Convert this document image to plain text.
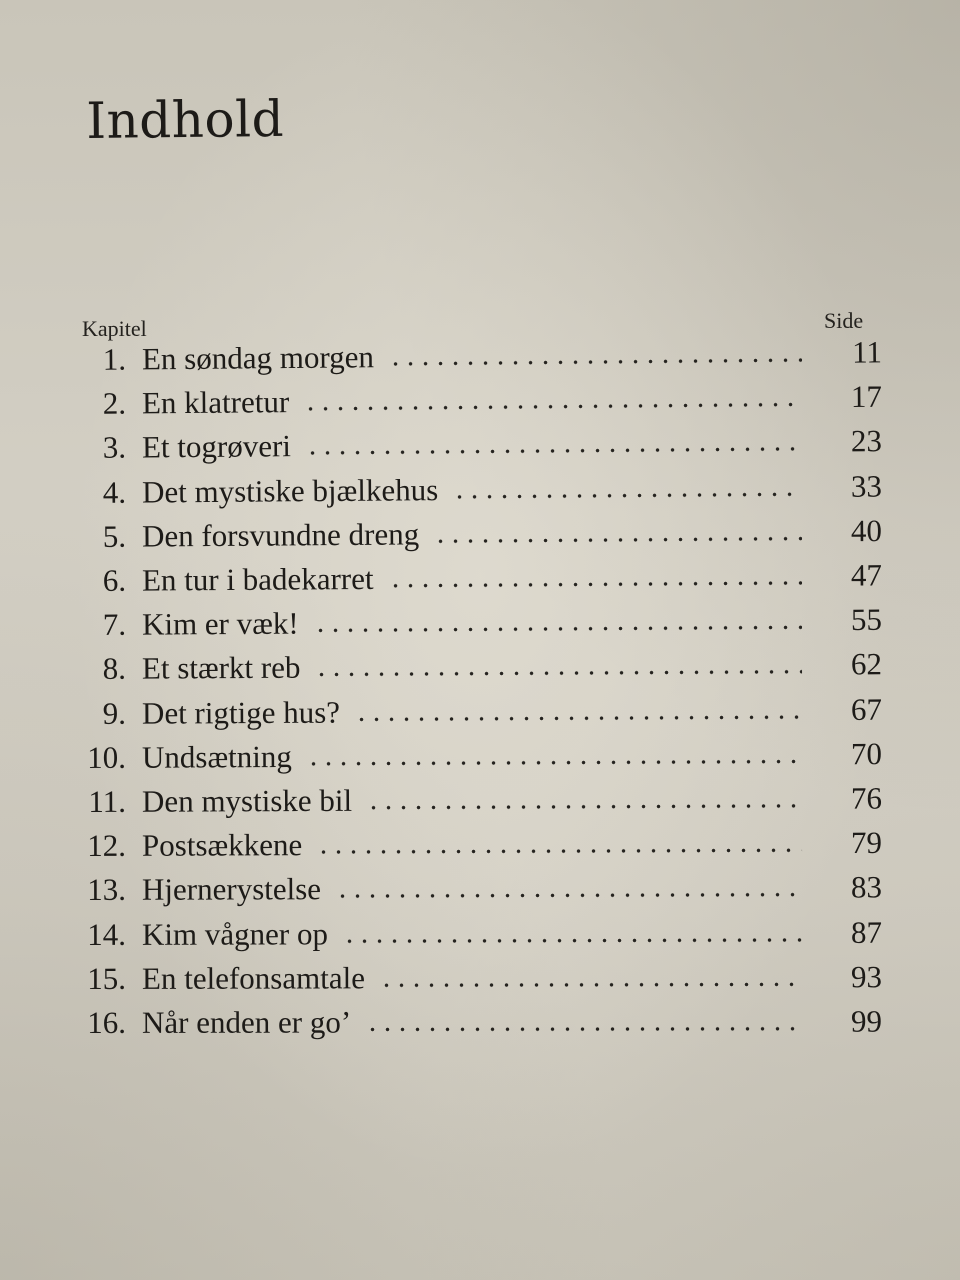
Indhold
Kapitel	Side
1. En søndag morgen	11
2. En klatretur	17
3. Et togrøveri	23
4. Det mystiske bjælkehus	33
5. Den forsvundne dreng	40
6. En tur i badekarret	47
7. Kim er væk!	55
8. Et stærkt reb	62
9. Det rigtige hus?	67
10. Undsætning	70
11. Den mystiske bil	76
12. Postsækkene	79
13. Hjernerystelse	83
14. Kim vågner op	87
15. En telefonsamtale	93
16. Når enden er go’	99
